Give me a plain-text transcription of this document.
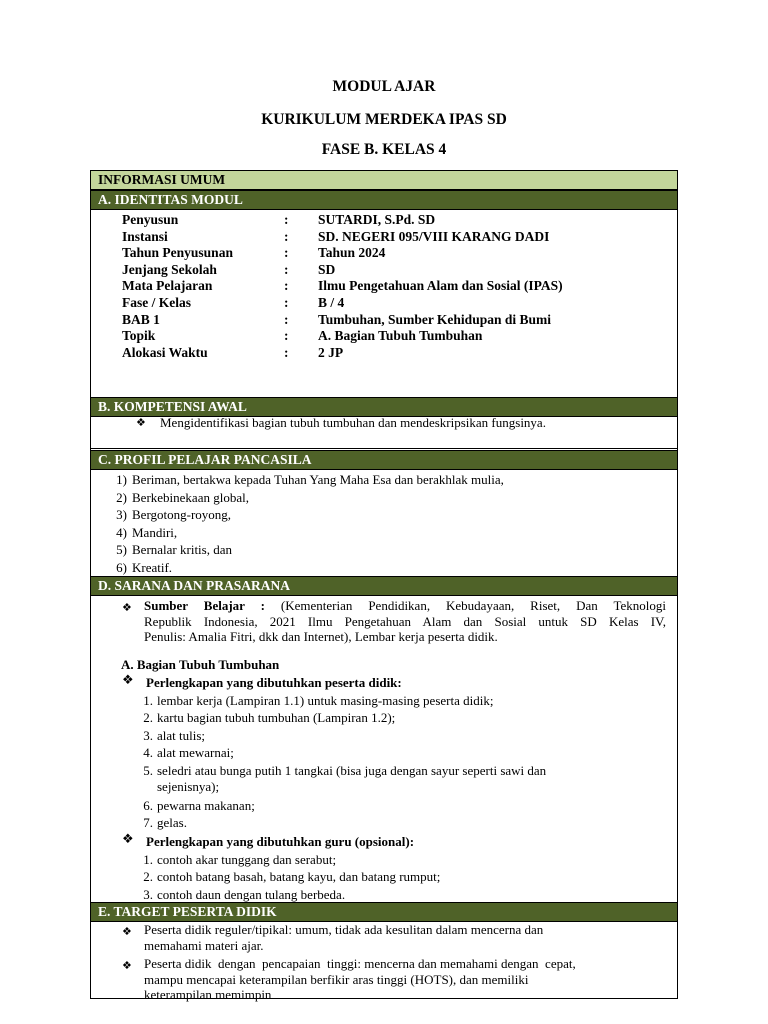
MODUL AJAR
KURIKULUM MERDEKA IPAS SD
FASE B. KELAS 4
INFORMASI UMUM
A. IDENTITAS MODUL
Penyusun	: SUTARDI, S.Pd. SD
Instansi	: SD. NEGERI 095/VIII KARANG DADI
Tahun Penyusunan	: Tahun 2024
Jenjang Sekolah	: SD
Mata Pelajaran	: Ilmu Pengetahuan Alam dan Sosial (IPAS)
Fase / Kelas	: B / 4
BAB 1	: Tumbuhan, Sumber Kehidupan di Bumi
Topik	: A. Bagian Tubuh Tumbuhan
Alokasi Waktu	: 2 JP
B. KOMPETENSI AWAL
❖ Mengidentifikasi bagian tubuh tumbuhan dan mendeskripsikan fungsinya.
C. PROFIL PELAJAR PANCASILA
1) Beriman, bertakwa kepada Tuhan Yang Maha Esa dan berakhlak mulia,
2) Berkebinekaan global,
3) Bergotong-royong,
4) Mandiri,
5) Bernalar kritis, dan
6) Kreatif.
D. SARANA DAN PRASARANA
❖ Sumber Belajar : (Kementerian Pendidikan, Kebudayaan, Riset, Dan Teknologi
Republik Indonesia, 2021 Ilmu Pengetahuan Alam dan Sosial untuk SD Kelas IV,
Penulis: Amalia Fitri, dkk dan Internet), Lembar kerja peserta didik.
A. Bagian Tubuh Tumbuhan
❖ Perlengkapan yang dibutuhkan peserta didik:
1. lembar kerja (Lampiran 1.1) untuk masing-masing peserta didik;
2. kartu bagian tubuh tumbuhan (Lampiran 1.2);
3. alat tulis;
4. alat mewarnai;
5. seledri atau bunga putih 1 tangkai (bisa juga dengan sayur seperti sawi dan
sejenisnya);
6. pewarna makanan;
7. gelas.
❖ Perlengkapan yang dibutuhkan guru (opsional):
1. contoh akar tunggang dan serabut;
2. contoh batang basah, batang kayu, dan batang rumput;
3. contoh daun dengan tulang berbeda.
E. TARGET PESERTA DIDIK
❖ Peserta didik reguler/tipikal: umum, tidak ada kesulitan dalam mencerna dan
memahami materi ajar.
❖ Peserta didik  dengan  pencapaian  tinggi: mencerna dan memahami dengan  cepat,
mampu mencapai keterampilan berfikir aras tinggi (HOTS), dan memiliki
keterampilan memimpin
